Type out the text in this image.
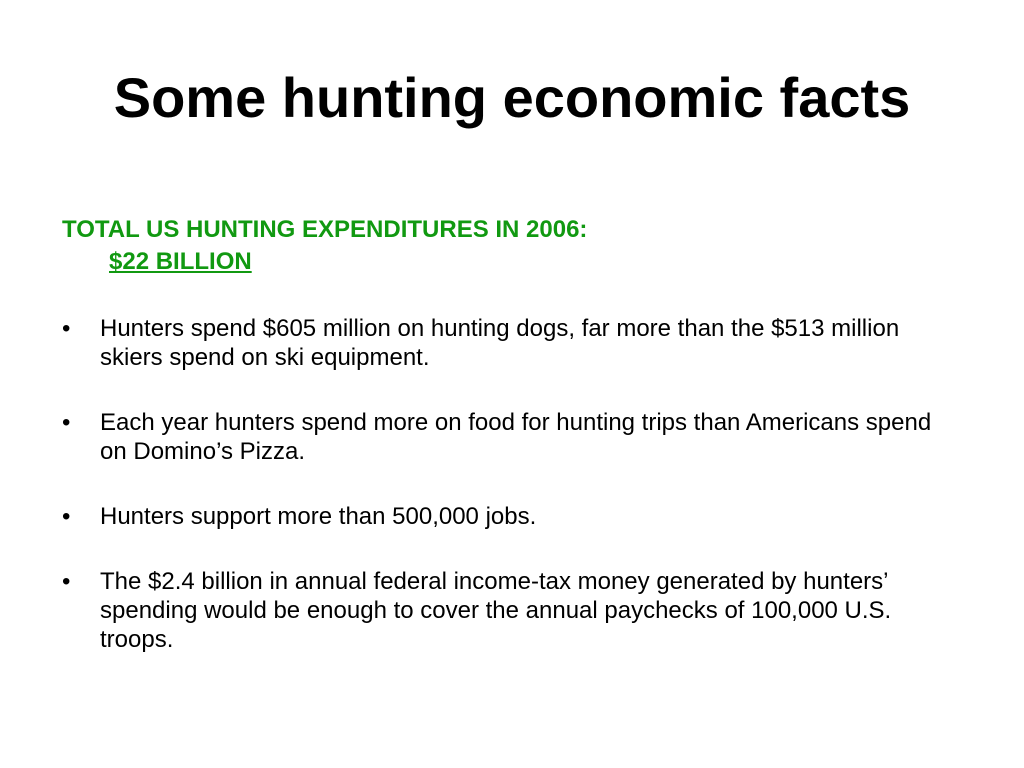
Some hunting economic facts
TOTAL US HUNTING EXPENDITURES IN 2006:
$22 BILLION
•	Hunters spend $605 million on hunting dogs, far more than the $513 million skiers spend on ski equipment.
•	Each year hunters spend more on food for hunting trips than Americans spend on Domino’s Pizza.
•	Hunters support more than 500,000 jobs.
•	The $2.4 billion in annual federal income-tax money generated by hunters’ spending would be enough to cover the annual paychecks of 100,000 U.S. troops.
